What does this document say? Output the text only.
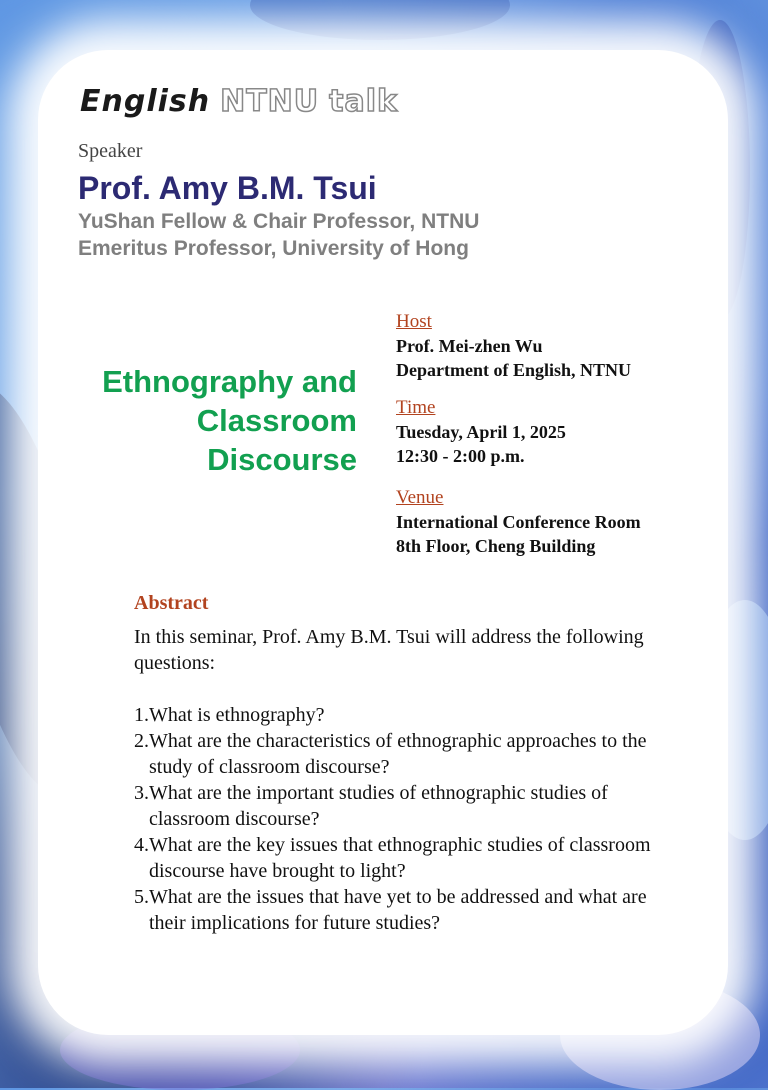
English NTNU talk
Speaker
Prof. Amy B.M. Tsui
YuShan Fellow & Chair Professor, NTNU
Emeritus Professor, University of Hong
Ethnography and
Classroom
Discourse
Host
Prof. Mei-zhen Wu
Department of English, NTNU
Time
Tuesday, April 1, 2025
12:30 - 2:00 p.m.
Venue
International Conference Room
8th Floor, Cheng Building
Abstract
In this seminar, Prof. Amy B.M. Tsui will address the following questions:
1. What is ethnography?
2. What are the characteristics of ethnographic approaches to the study of classroom discourse?
3. What are the important studies of ethnographic studies of classroom discourse?
4. What are the key issues that ethnographic studies of classroom discourse have brought to light?
5. What are the issues that have yet to be addressed and what are their implications for future studies?
